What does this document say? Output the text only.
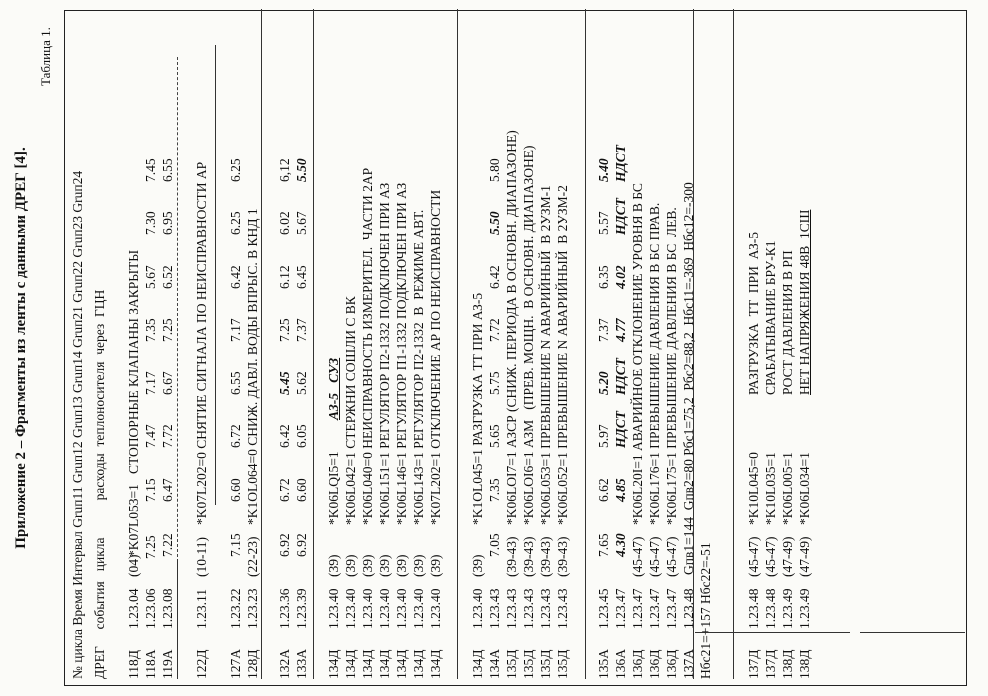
Приложение 2 – Фрагменты из ленты с данными ДРЕГ [4].
Таблица 1.
№ цикла Время Интервал Gruп11 Gruп12 Gruп13 Gruп14 Gruп21 Gruп22 Gruп23 Gruп24 ДРЕГ     события   цикла           расходы  теплоносителя  через  ГЦН 118Д
1.23.04
(04)
*K07L053=1   СТОПОРНЫЕ КЛАПАНЫ ЗАКРЫТЫ
118А
1.23.06
7.25
7.15
7.47
7.17
7.35
5.67
7.30
7.45
119А
1.23.08
7.22
6.47
7.72
6.67
7.25
6.52
6.95
6.55
122Д
1.23.11
(10-11)
*K07L202=0 СНЯТИЕ СИГНАЛА ПО НЕИСПРАВНОСТИ АР
127А
1.23.22
7.15
6.60
6.72
6.55
7.17
6.42
6.25
6.25
128Д
1.23.23
(22-23)
*K1OL064=0 СНИЖ. ДАВЛ. ВОДЫ ВПРЫС. В КНД 1
132А
1.23.36
6.92
6.72
6.42
5.45
7.25
6.12
6.02
6,12
133А
1.23.39
6.92
6.60
6.05
5.62
7.37
6.45
5.67
5.50
134Д
1.23.40
(39)
*K06LQI5=1
АЗ-5   СУЗ
134Д
1.23.40
(39)
*K06L042=1 СТЕРЖНИ СОШЛИ С ВК
134Д
1.23.40
(39)
*K06L040=0 НЕИСПРАВНОСТЬ ИЗМЕРИТЕЛ.  ЧАСТИ 2АР
134Д
1.23.40
(39)
*K06L151=1 РЕГУЛЯТОР П2-1332 ПОДКЛЮЧЕН ПРИ АЗ
134Д
1.23.40
(39)
*K06L146=1 РЕГУЛЯТОР П1-1332 ПОДКЛЮЧЕН ПРИ АЗ
134Д
1.23.40
(39)
*K06L143=1 РЕГУЛЯТОР П2-1332  В  РЕЖИМЕ АВТ.
134Д
1.23.40
(39)
*K07L202=1 ОТКЛЮЧЕНИЕ АР ПО НЕИСПРАВНОСТИ
134Д
1.23.40
(39)
*K1OL045=1 РАЗГРУЗКА ТТ ПРИ АЗ-5
134А
1.23.43
7.05
7.35
5.65
5.75
7.72
6.42
5.50
5.80
135Д
1.23.43
(39-43)
*K06LOI7=1 АЗСР (СНИЖ. ПЕРИОДА В ОСНОВН. ДИАПАЗОНЕ)
135Д
1.23.43
(39-43)
*K06LOI6=1 АЗМ   (ПРЕВ. МОЩН.  В ОСНОВН. ДИАПАЗОНЕ)
135Д
1.23.43
(39-43)
*K06L053=1 ПРЕВЫШЕНИЕ N АВАРИЙНЫЙ  В 2УЗМ-1
135Д
1.23.43
(39-43)
*K06L052=1 ПРЕВЫШЕНИЕ N АВАРИЙНЫЙ  В 2УЗМ-2
135А
1.23.45
7.65
6.62
5.97
5.20
7.37
6.35
5.57
5.40
136А
1.23.47
4.30
4.85
НДСТ
НДСТ
4.77
4.02
НДСТ
НДСТ
136Д
1.23.47
(45-47)
*K06L20I=1 АВАРИЙНОЕ ОТКЛОНЕНИЕ УРОВНЯ В БС
136Д
1.23.47
(45-47)
*K06L176=1 ПРЕВЫШЕНИЕ ДАВЛЕНИЯ В БС ПРАВ.
136Д
1.23.47
(45-47)
*K06L175=1 ПРЕВЫШЕНИЕ ДАВЛЕНИЯ В БС  ЛЕВ.
137А
1.23.48
Gпв1=144  Gпв2=80 Рбс1=75,2  Рбс2=88,2  Нбс11=-369  Нбс12=-300
Нбс21=+157 Нбс22=-51 137Д
1.23.48
(45-47)
*K10L045=0
РАЗГРУЗКА  ТТ  ПРИ  АЗ-5
137Д
1.23.48
(45-47)
*K10L035=1
СРАБАТЫВАНИЕ БРУ-К1
138Д
1.23.49
(47-49)
*K06L005=1
РОСТ ДАВЛЕНИЯ В РП
138Д
1.23.49
(47-49)
*K06L034=1
НЕТ НАПРЯЖЕНИЯ 48В  1СШ
